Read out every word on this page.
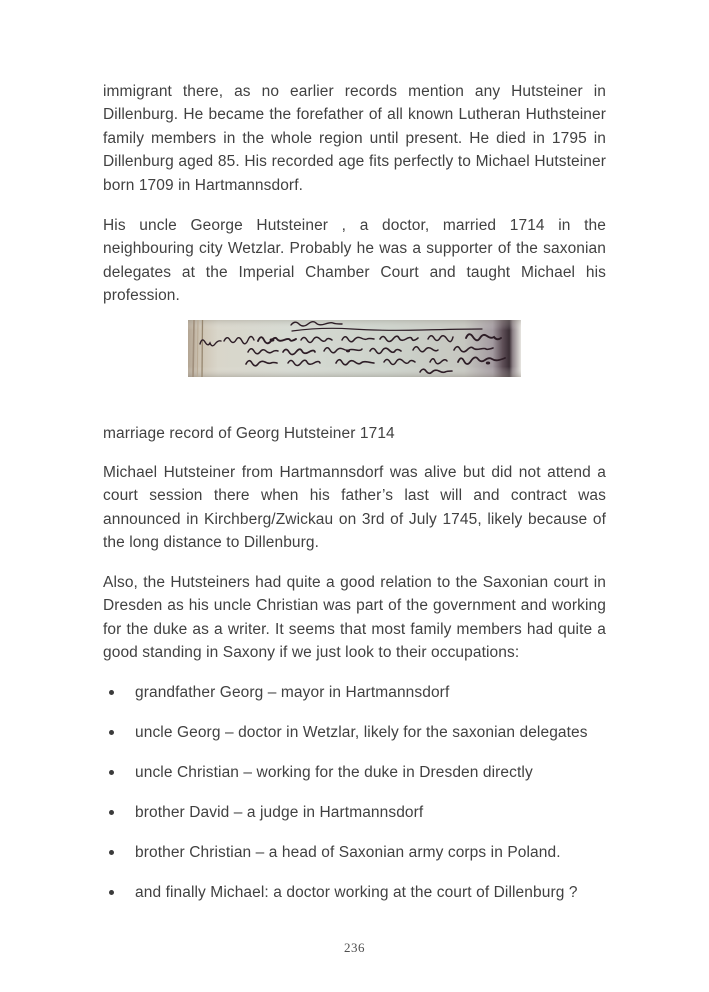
immigrant there, as no earlier records mention any Hutsteiner in Dillenburg. He became the forefather of all known Lutheran Huthsteiner family members in the whole region until present. He died in 1795 in Dillenburg aged 85. His recorded age fits perfectly to Michael Hutsteiner born 1709 in Hartmannsdorf.

His uncle George Hutsteiner , a doctor, married 1714 in the neighbouring city Wetzlar. Probably he was a supporter of the saxonian delegates at the Imperial Chamber Court and taught Michael his profession.

marriage record of Georg Hutsteiner 1714

Michael Hutsteiner from Hartmannsdorf was alive but did not attend a court session there when his father’s last will and contract was announced in Kirchberg/Zwickau on 3rd of July 1745, likely because of the long distance to Dillenburg.

Also, the Hutsteiners had quite a good relation to the Saxonian court in Dresden as his uncle Christian was part of the government and working for the duke as a writer. It seems that most family members had quite a good standing in Saxony if we just look to their occupations:

grandfather Georg – mayor in Hartmannsdorf
uncle Georg – doctor in Wetzlar, likely for the saxonian delegates
uncle Christian – working for the duke in Dresden directly
brother David – a judge in Hartmannsdorf
brother Christian – a head of Saxonian army corps in Poland.
and finally Michael: a doctor working at the court of Dillenburg ?
236
